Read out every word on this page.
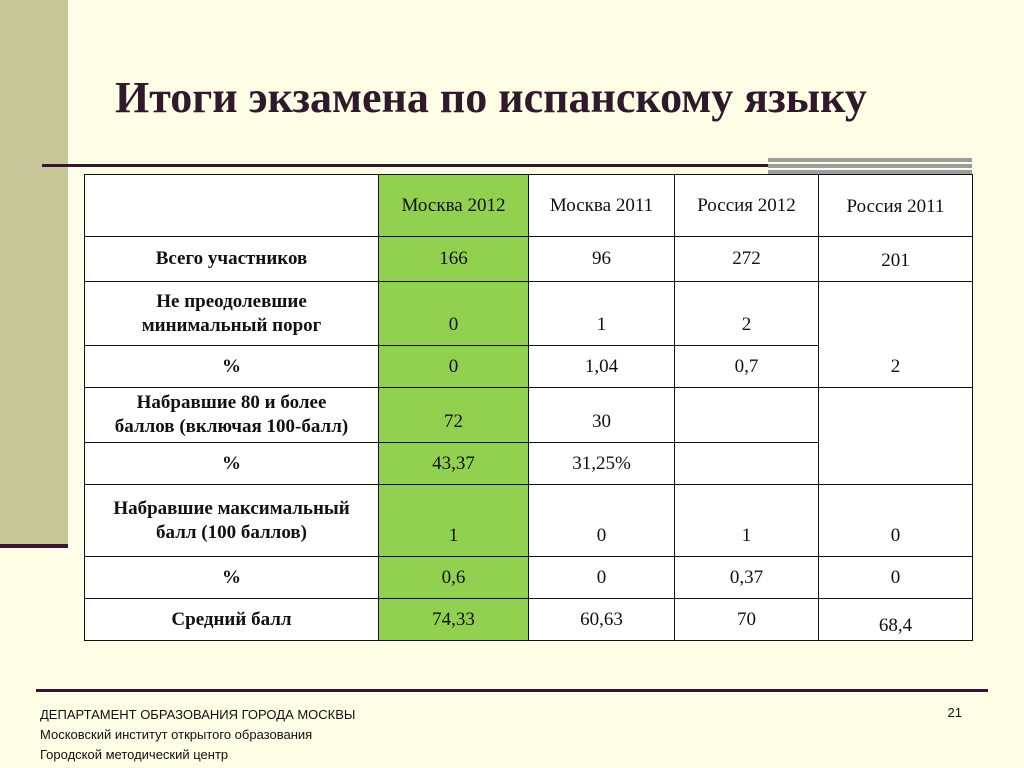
Итоги экзамена по испанскому языку
	Москва 2012	Москва 2011	Россия 2012	Россия 2011
Всего участников	166	96	272	201
Не преодолевшие
минимальный порог	0	1	2	2
%	0	1,04	0,7	
Набравшие 80 и более
баллов (включая 100-балл)	72	30		
%	43,37	31,25%		
Набравшие максимальный
балл (100 баллов)	1	0	1	0
%	0,6	0	0,37	0
Средний балл	74,33	60,63	70	68,4
ДЕПАРТАМЕНТ ОБРАЗОВАНИЯ ГОРОДА МОСКВЫ
Московский институт открытого образования
Городской методический центр
21
